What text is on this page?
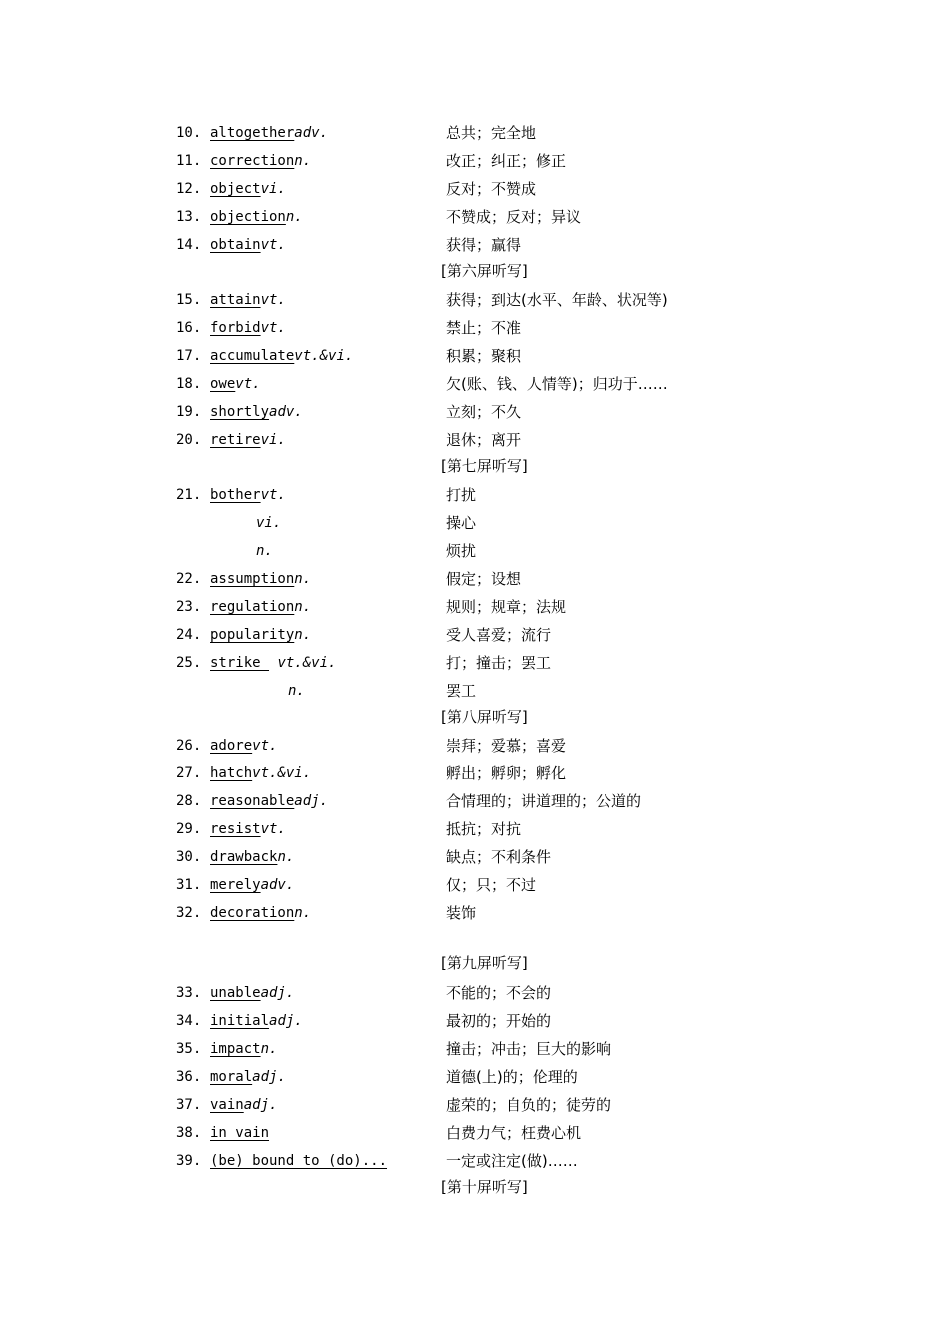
10. altogetheradv.	总共；完全地
11. correctionn.	改正；纠正；修正
12. objectvi.	反对；不赞成
13. objectionn.	不赞成；反对；异议
14. obtainvt.	获得；赢得
[第六屏听写]
15. attainvt.	获得；到达(水平、年龄、状况等)
16. forbidvt.	禁止；不准
17. accumulatevt.&vi.	积累；聚积
18. owevt.	欠(账、钱、人情等)；归功于……
19. shortlyadv.	立刻；不久
20. retirevi.	退休；离开
[第七屏听写]
21. bothervt.	打扰
vi.	操心
n.	烦扰
22. assumptionn.	假定；设想
23. regulationn.	规则；规章；法规
24. popularityn.	受人喜爱；流行
25. strike  vt.&vi.	打；撞击；罢工
n.	罢工
[第八屏听写]
26. adorevt.	崇拜；爱慕；喜爱
27. hatchvt.&vi.	孵出；孵卵；孵化
28. reasonableadj.	合情理的；讲道理的；公道的
29. resistvt.	抵抗；对抗
30. drawbackn.	缺点；不利条件
31. merelyadv.	仅；只；不过
32. decorationn.	装饰
[第九屏听写]
33. unableadj.	不能的；不会的
34. initialadj.	最初的；开始的
35. impactn.	撞击；冲击；巨大的影响
36. moraladj.	道德(上)的；伦理的
37. vainadj.	虚荣的；自负的；徒劳的
38. in vain	白费力气；枉费心机
39. (be) bound to (do)...	一定或注定(做)……
[第十屏听写]
